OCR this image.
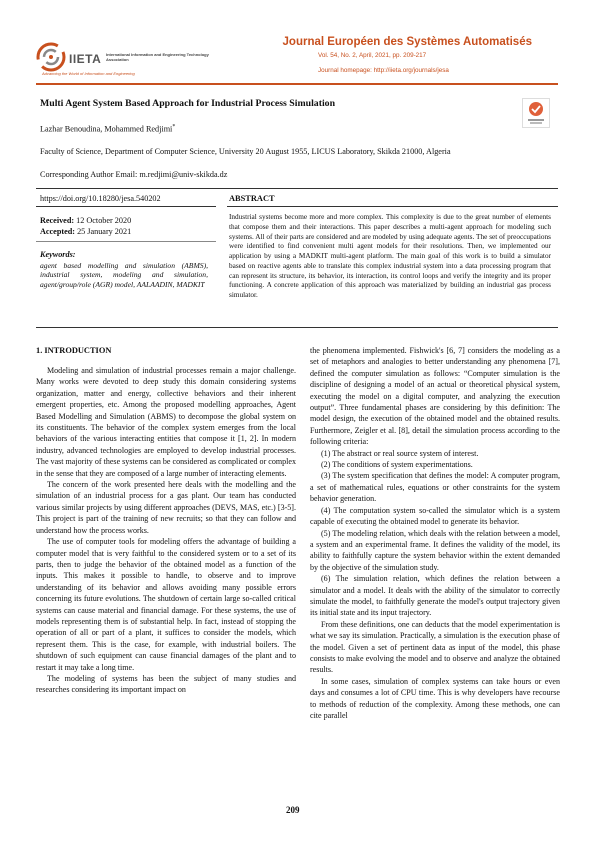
IIETA International Information and Engineering Technology Association
Advancing the World of Information and Engineering
Journal Européen des Systèmes Automatisés
Vol. 54, No. 2, April, 2021, pp. 209-217
Journal homepage: http://iieta.org/journals/jesa
Multi Agent System Based Approach for Industrial Process Simulation
Lazhar Benoudina, Mohammed Redjimi*
Faculty of Science, Department of Computer Science, University 20 August 1955, LICUS Laboratory, Skikda 21000, Algeria
Corresponding Author Email: m.redjimi@univ-skikda.dz
https://doi.org/10.18280/jesa.540202	ABSTRACT
Received: 12 October 2020
Accepted: 25 January 2021
Keywords:
agent based modelling and simulation (ABMS), industrial system, modeling and simulation, agent/group/role (AGR) model, AALAADIN, MADKIT
Industrial systems become more and more complex. This complexity is due to the great number of elements that compose them and their interactions. This paper describes a multi-agent approach for modeling such systems. All of their parts are considered and are modeled by using adequate agents. The set of preoccupations were identified to find convenient multi agent models for their resolutions. Then, we implemented our application by using a MADKIT multi-agent platform. The main goal of this work is to build a simulator based on reactive agents able to translate this complex industrial system into a data processing program that can represent its structure, its behavior, its interaction, its control loops and verify the integrity and its proper functioning. A concrete application of this approach was materialized by building an industrial gas process simulator.
1. INTRODUCTION

Modeling and simulation of industrial processes remain a major challenge. Many works were devoted to deep study this domain considering systems organization, matter and energy, collective behaviors and their inherent emergent properties, etc. Among the proposed modelling approaches, Agent Based Modelling and Simulation (ABMS) to decompose the global system on its constituents. The behavior of the complex system emerges from the local behaviors of the various interacting entities that compose it [1, 2]. In modern industry, advanced technologies are employed to develop industrial processes. The vast majority of these systems can be considered as complicated or complex in the sense that they are composed of a large number of interacting elements.

The concern of the work presented here deals with the modelling and the simulation of an industrial process for a gas plant. Our team has conducted various similar projects by using different approaches (DEVS, MAS, etc.) [3-5]. This project is part of the training of new recruits; so that they can follow and understand how the process works.

The use of computer tools for modeling offers the advantage of building a computer model that is very faithful to the considered system or to a set of its parts, then to judge the behavior of the obtained model as a function of the inputs. This makes it possible to handle, to observe and to improve understanding of its behavior and allows avoiding many possible errors concerning its future evolutions. The shutdown of certain large so-called critical systems can cause material and financial damage. For these systems, the use of models representing them is of substantial help. In fact, instead of stopping the operation of all or part of a plant, it suffices to consider the models, which represent them. This is the case, for example, with industrial boilers. The shutdown of such equipment can cause financial damages of the plant and to restart it may take a long time.

The modeling of systems has been the subject of many studies and researches considering its important impact on

the phenomena implemented. Fishwick's [6, 7] considers the modeling as a set of metaphors and analogies to better understanding any phenomena [7], defined the computer simulation as follows: “Computer simulation is the discipline of designing a model of an actual or theoretical physical system, executing the model on a digital computer, and analyzing the execution output”. Three fundamental phases are considering by this definition: The model design, the execution of the obtained model and the obtained results. Furthermore, Zeigler et al. [8], detail the simulation process according to the following criteria:

(1) The abstract or real source system of interest.

(2) The conditions of system experimentations.

(3) The system specification that defines the model: A computer program, a set of mathematical rules, equations or other constraints for the system behavior generation.

(4) The computation system so-called the simulator which is a system capable of executing the obtained model to generate its behavior.

(5) The modeling relation, which deals with the relation between a model, a system and an experimental frame. It defines the validity of the model, its ability to faithfully capture the system behavior within the extent demanded by the objective of the simulation study.

(6) The simulation relation, which defines the relation between a simulator and a model. It deals with the ability of the simulator to correctly simulate the model, to faithfully generate the model's output trajectory given its initial state and its input trajectory.

From these definitions, one can deducts that the model experimentation is what we say its simulation. Practically, a simulation is the execution phase of the model. Given a set of pertinent data as input of the model, this phase consists to make evolving the model and to observe and analyze the obtained results.

In some cases, simulation of complex systems can take hours or even days and consumes a lot of CPU time. This is why developers have recourse to methods of reduction of the complexity. Among these methods, one can cite parallel

209
